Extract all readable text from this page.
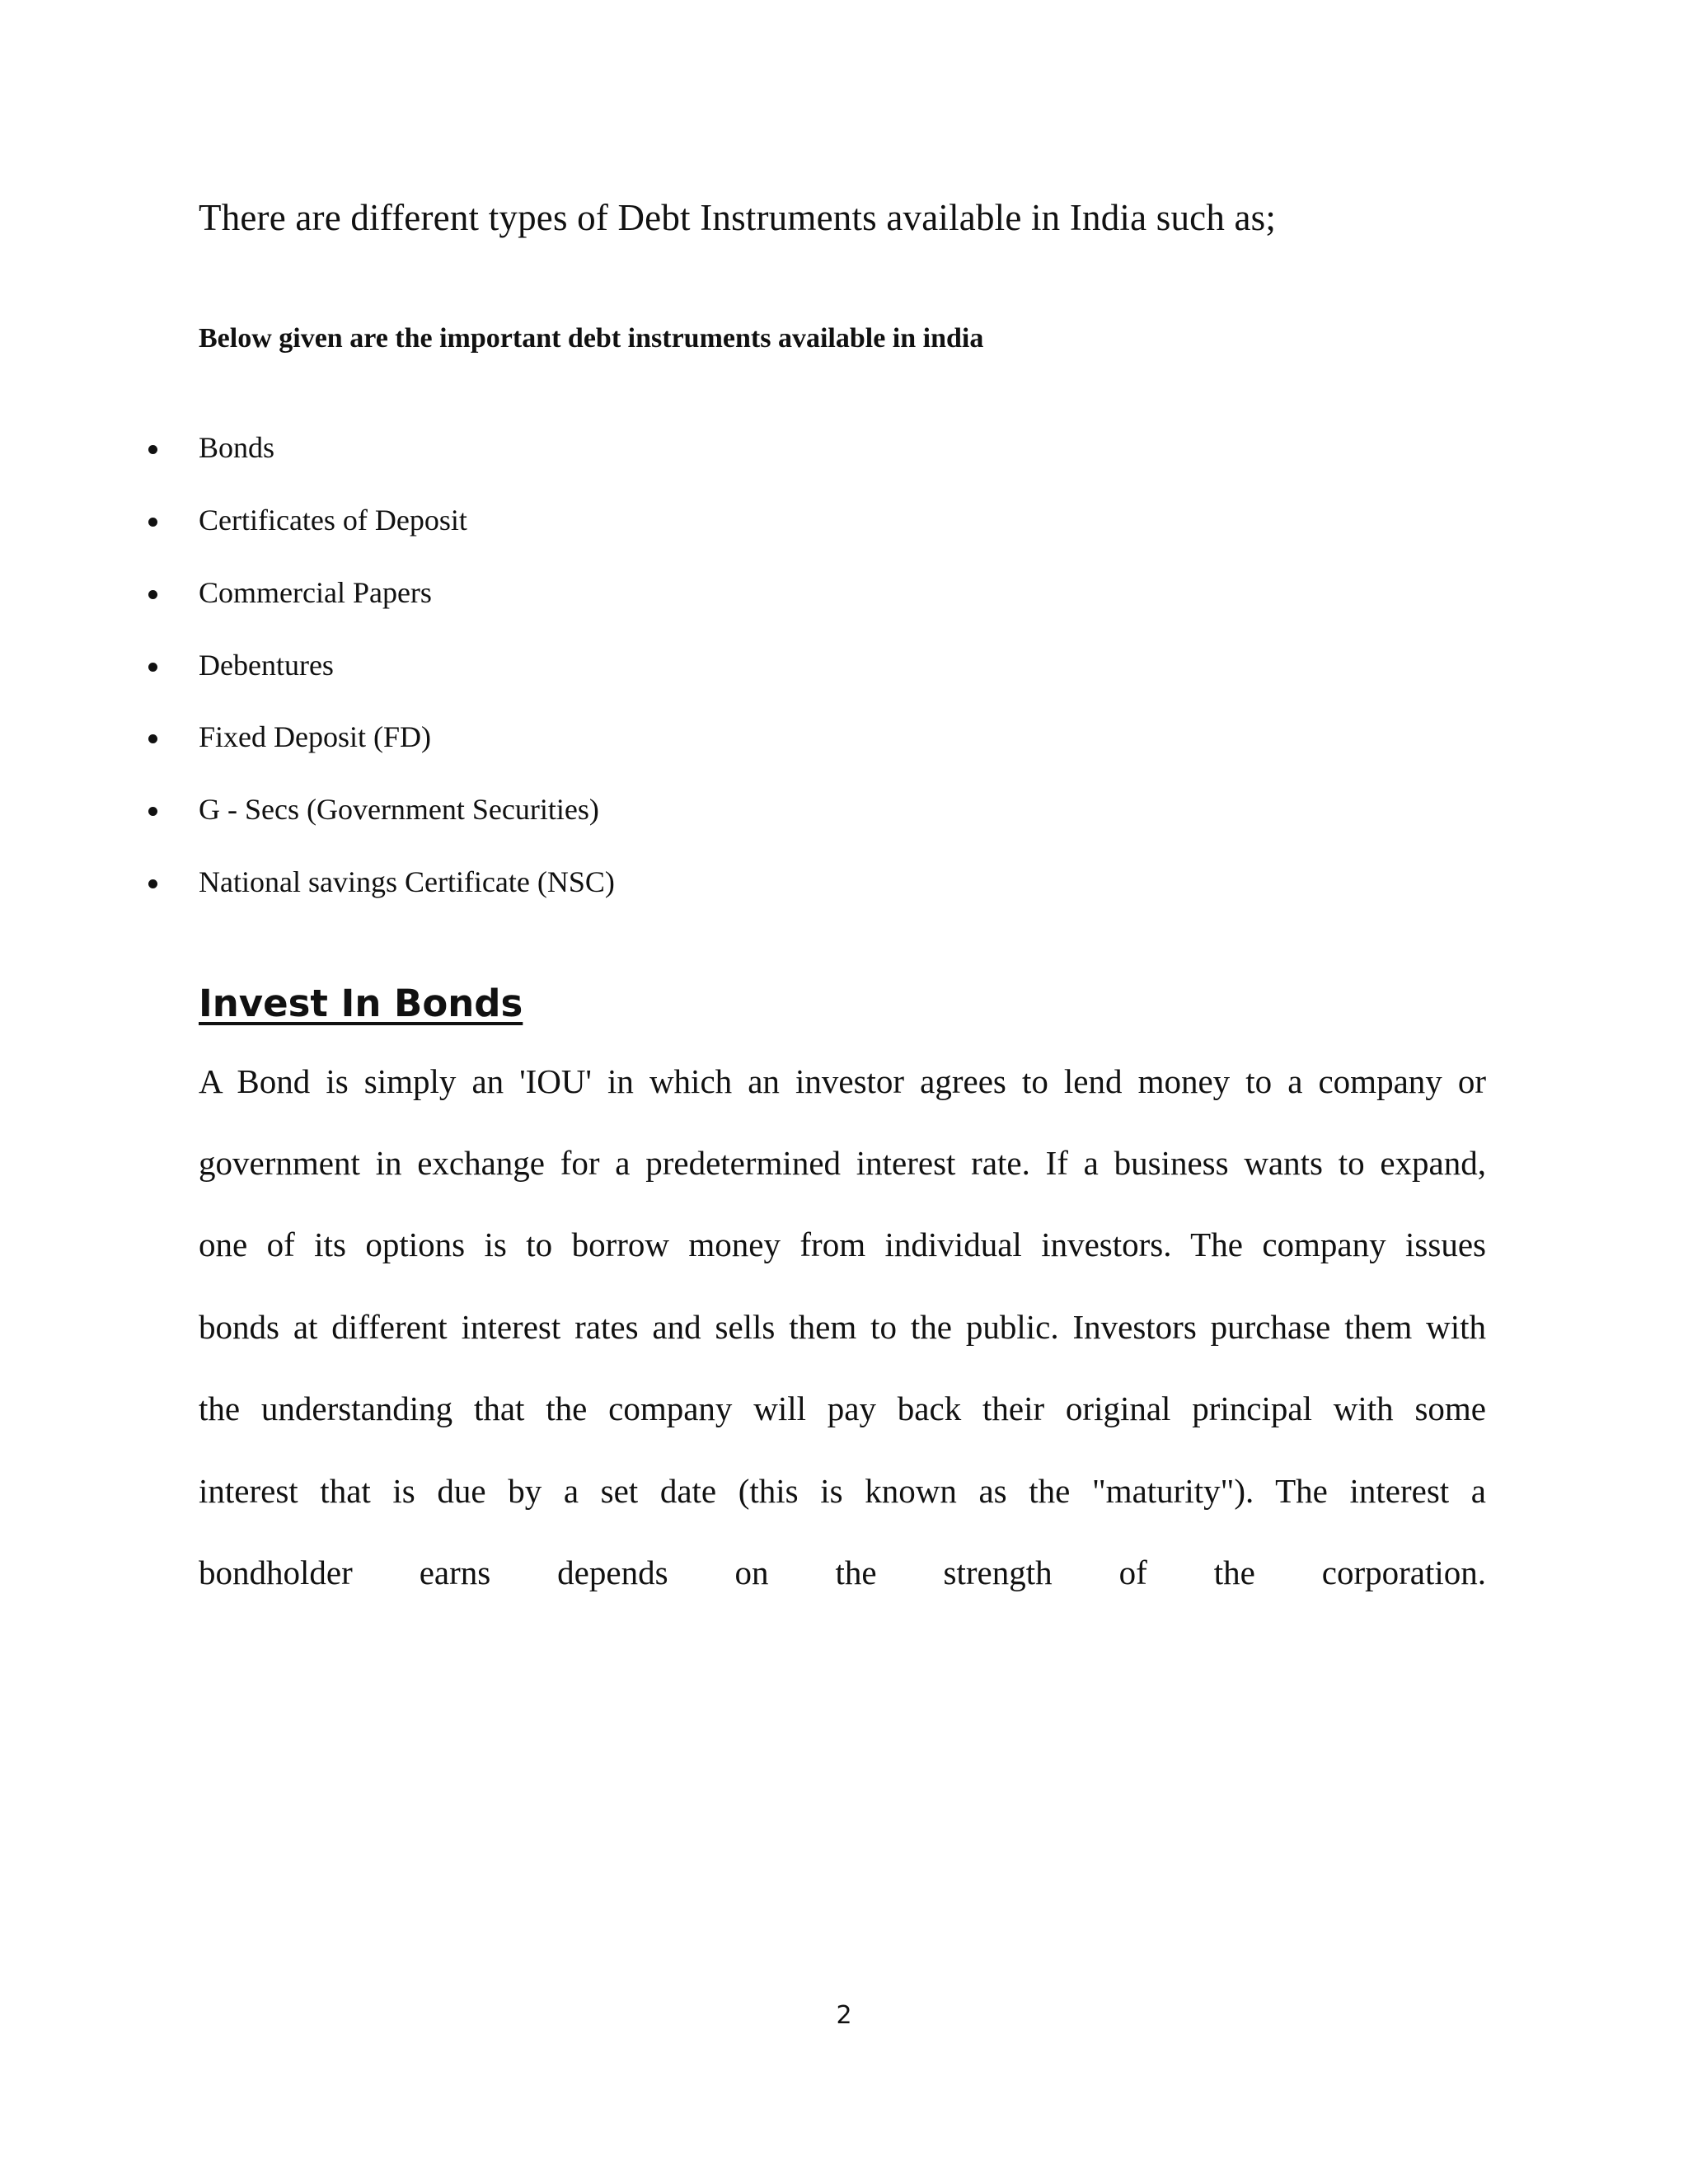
There are different types of Debt Instruments available in India such as;
Below given are the important debt instruments available in india
Bonds
Certificates of Deposit
Commercial Papers
Debentures
Fixed Deposit (FD)
G - Secs (Government Securities)
National savings Certificate (NSC)
Invest In Bonds
A Bond is simply an 'IOU' in which an investor agrees to lend money to a company or
government in exchange for a predetermined interest rate. If a business wants to expand,
one of its options is to borrow money from individual investors. The company issues
bonds at different interest rates and sells them to the public. Investors purchase them with
the understanding that the company will pay back their original principal with some
interest that is due by a set date (this is known as the "maturity"). The interest a
bondholder earns depends on the strength of the corporation.
2
